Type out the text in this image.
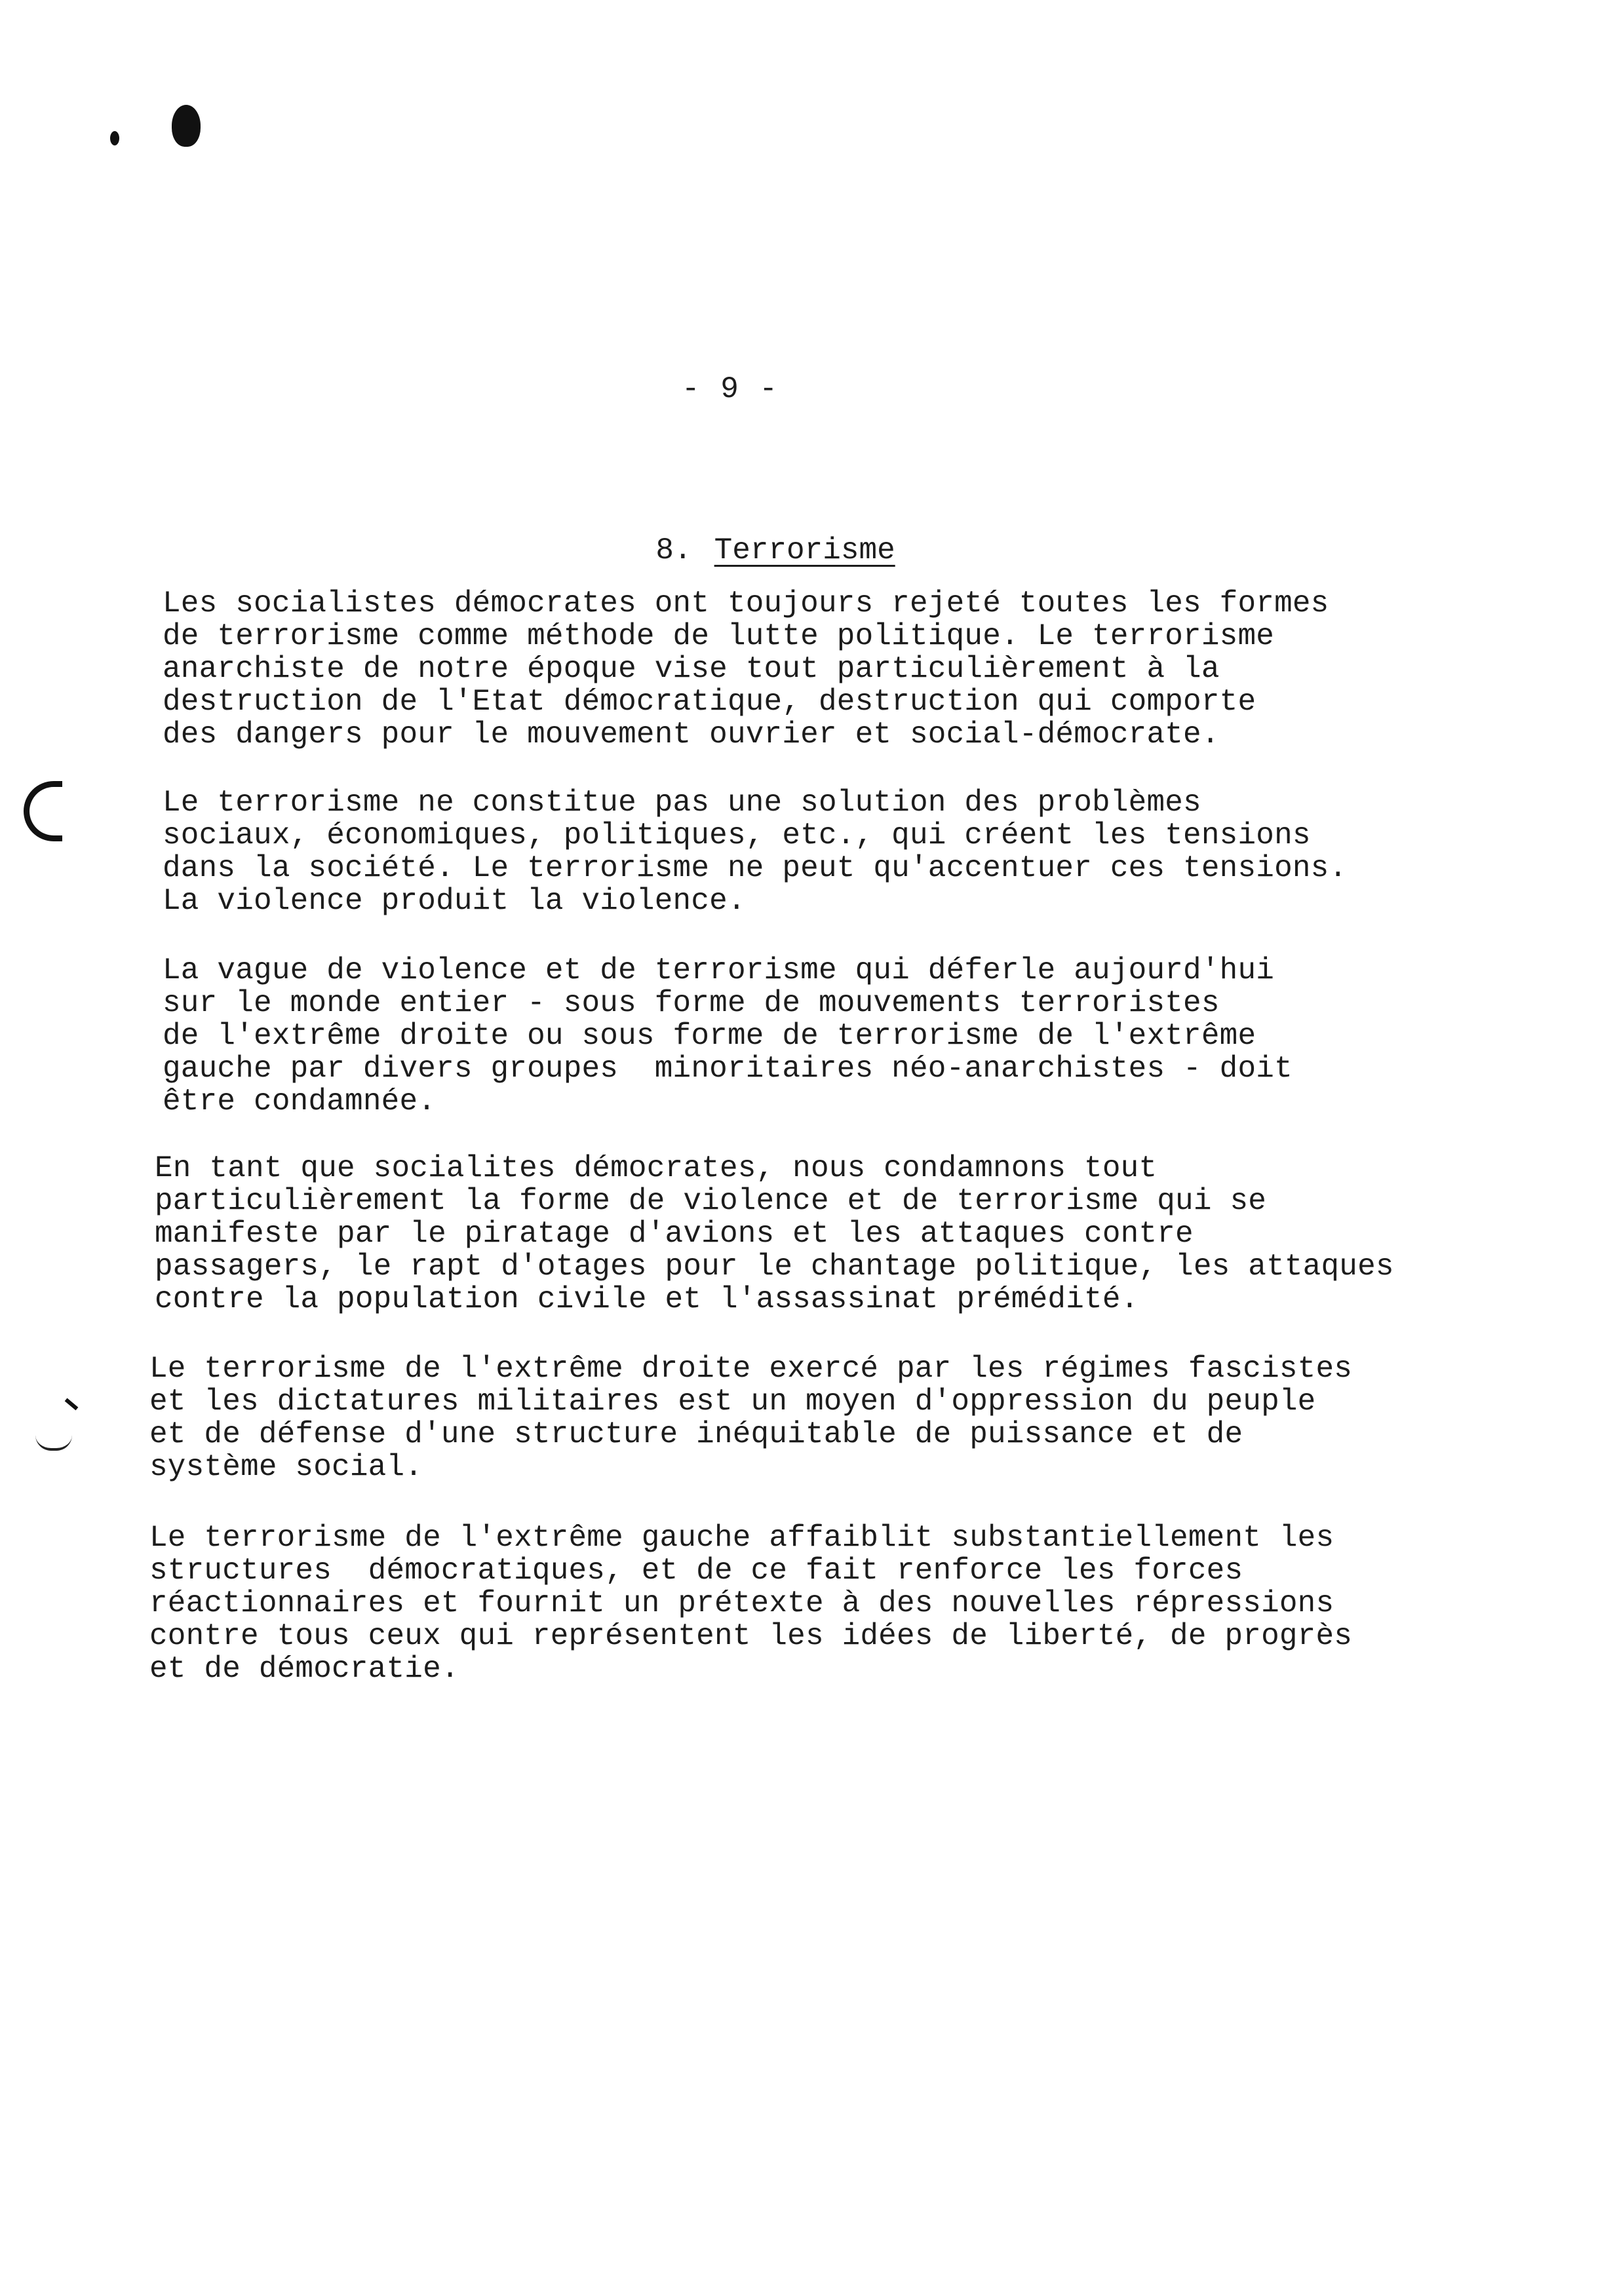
- 9 -

8. Terrorisme

Les socialistes démocrates ont toujours rejeté toutes les formes
de terrorisme comme méthode de lutte politique. Le terrorisme
anarchiste de notre époque vise tout particulièrement à la
destruction de l'Etat démocratique, destruction qui comporte
des dangers pour le mouvement ouvrier et social-démocrate.

Le terrorisme ne constitue pas une solution des problèmes
sociaux, économiques, politiques, etc., qui créent les tensions
dans la société. Le terrorisme ne peut qu'accentuer ces tensions.
La violence produit la violence.

La vague de violence et de terrorisme qui déferle aujourd'hui
sur le monde entier - sous forme de mouvements terroristes
de l'extrême droite ou sous forme de terrorisme de l'extrême
gauche par divers groupes  minoritaires néo-anarchistes - doit
être condamnée.

En tant que socialites démocrates, nous condamnons tout
particulièrement la forme de violence et de terrorisme qui se
manifeste par le piratage d'avions et les attaques contre
passagers, le rapt d'otages pour le chantage politique, les attaques
contre la population civile et l'assassinat prémédité.

Le terrorisme de l'extrême droite exercé par les régimes fascistes
et les dictatures militaires est un moyen d'oppression du peuple
et de défense d'une structure inéquitable de puissance et de
système social.

Le terrorisme de l'extrême gauche affaiblit substantiellement les
structures  démocratiques, et de ce fait renforce les forces
réactionnaires et fournit un prétexte à des nouvelles répressions
contre tous ceux qui représentent les idées de liberté, de progrès
et de démocratie.
